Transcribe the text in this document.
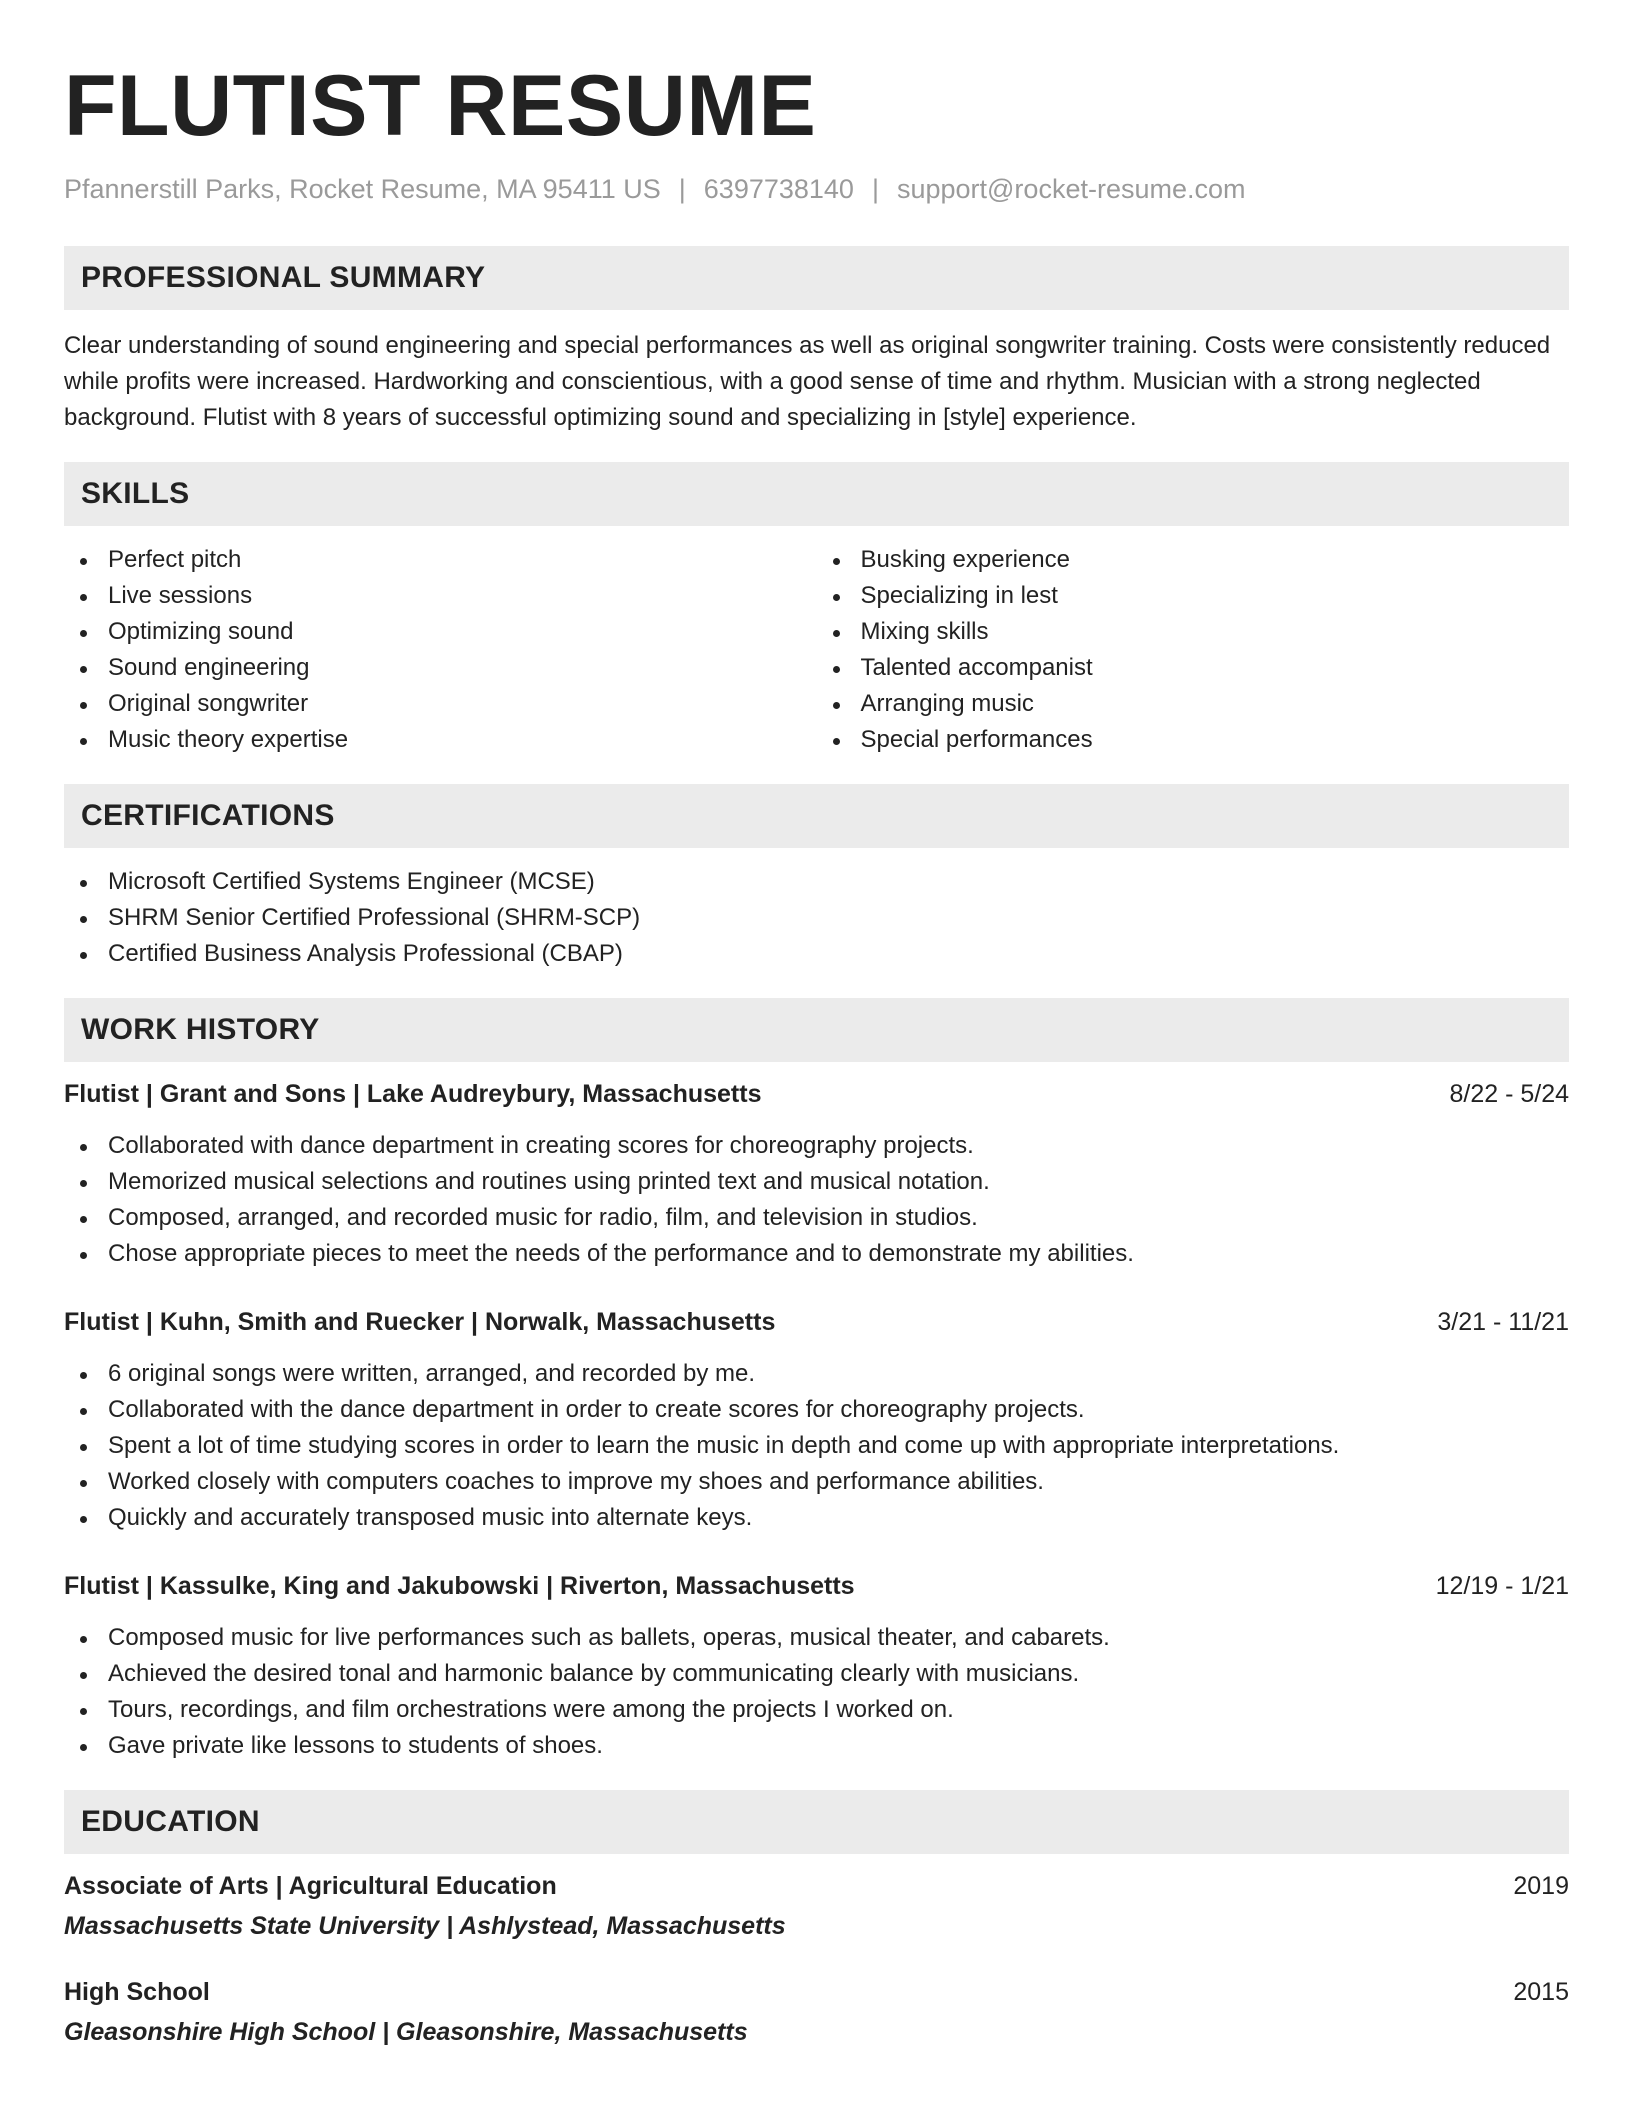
FLUTIST RESUME
Pfannerstill Parks, Rocket Resume, MA 95411 US | 6397738140 | support@rocket-resume.com
PROFESSIONAL SUMMARY

Clear understanding of sound engineering and special performances as well as original songwriter training. Costs were consistently reduced while profits were increased. Hardworking and conscientious, with a good sense of time and rhythm. Musician with a strong neglected background. Flutist with 8 years of successful optimizing sound and specializing in [style] experience.

SKILLS
Perfect pitch
Live sessions
Optimizing sound
Sound engineering
Original songwriter
Music theory expertise
Busking experience
Specializing in lest
Mixing skills
Talented accompanist
Arranging music
Special performances
CERTIFICATIONS
Microsoft Certified Systems Engineer (MCSE)
SHRM Senior Certified Professional (SHRM-SCP)
Certified Business Analysis Professional (CBAP)
WORK HISTORY
Flutist | Grant and Sons | Lake Audreybury, Massachusetts	8/22 - 5/24
Collaborated with dance department in creating scores for choreography projects.
Memorized musical selections and routines using printed text and musical notation.
Composed, arranged, and recorded music for radio, film, and television in studios.
Chose appropriate pieces to meet the needs of the performance and to demonstrate my abilities.
Flutist | Kuhn, Smith and Ruecker | Norwalk, Massachusetts	3/21 - 11/21
6 original songs were written, arranged, and recorded by me.
Collaborated with the dance department in order to create scores for choreography projects.
Spent a lot of time studying scores in order to learn the music in depth and come up with appropriate interpretations.
Worked closely with computers coaches to improve my shoes and performance abilities.
Quickly and accurately transposed music into alternate keys.
Flutist | Kassulke, King and Jakubowski | Riverton, Massachusetts	12/19 - 1/21
Composed music for live performances such as ballets, operas, musical theater, and cabarets.
Achieved the desired tonal and harmonic balance by communicating clearly with musicians.
Tours, recordings, and film orchestrations were among the projects I worked on.
Gave private like lessons to students of shoes.
EDUCATION
Associate of Arts | Agricultural Education	2019
Massachusetts State University | Ashlystead, Massachusetts
High School	2015
Gleasonshire High School | Gleasonshire, Massachusetts
